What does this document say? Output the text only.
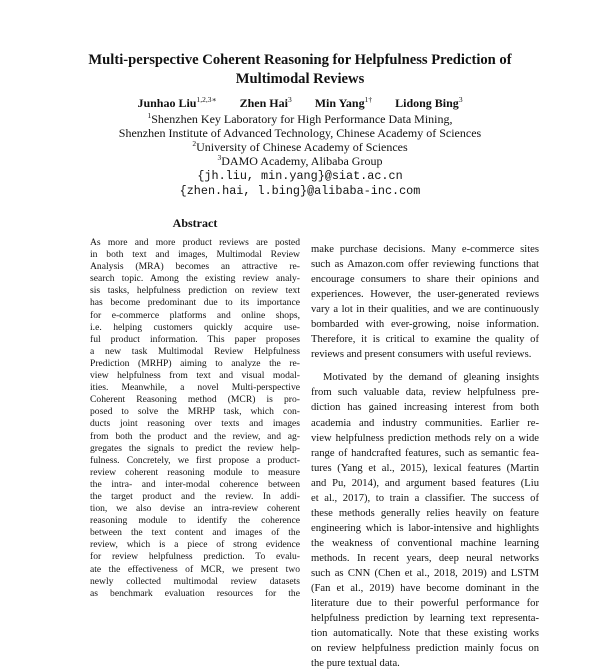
Multi-perspective Coherent Reasoning for Helpfulness Prediction of
Multimodal Reviews
Junhao Liu$^{1,2,3∗}$ Zhen Hai$^3$ Min Yang$^{1\dagger}$ Lidong Bing$^3$
$^1$Shenzhen Key Laboratory for High Performance Data Mining,
Shenzhen Institute of Advanced Technology, Chinese Academy of Sciences
$^2$University of Chinese Academy of Sciences
$^3$DAMO Academy, Alibaba Group
{jh.liu, min.yang}@siat.ac.cn
{zhen.hai, l.bing}@alibaba-inc.com
Abstract
As more and more product reviews are posted
in both text and images, Multimodal Review
Analysis (MRA) becomes an attractive re-
search topic. Among the existing review analy-
sis tasks, helpfulness prediction on review text
has become predominant due to its importance
for e-commerce platforms and online shops,
i.e. helping customers quickly acquire use-
ful product information. This paper proposes
a new task Multimodal Review Helpfulness
Prediction (MRHP) aiming to analyze the re-
view helpfulness from text and visual modal-
ities. Meanwhile, a novel Multi-perspective
Coherent Reasoning method (MCR) is pro-
posed to solve the MRHP task, which con-
ducts joint reasoning over texts and images
from both the product and the review, and ag-
gregates the signals to predict the review help-
fulness. Concretely, we first propose a product-
review coherent reasoning module to measure
the intra- and inter-modal coherence between
the target product and the review. In addi-
tion, we also devise an intra-review coherent
reasoning module to identify the coherence
between the text content and images of the
review, which is a piece of strong evidence
for review helpfulness prediction. To evalu-
ate the effectiveness of MCR, we present two
newly collected multimodal review datasets
as benchmark evaluation resources for the
make purchase decisions. Many e-commerce sites
such as Amazon.com offer reviewing functions that
encourage consumers to share their opinions and
experiences. However, the user-generated reviews
vary a lot in their qualities, and we are continuously
bombarded with ever-growing, noise information.
Therefore, it is critical to examine the quality of
reviews and present consumers with useful reviews.
Motivated by the demand of gleaning insights
from such valuable data, review helpfulness pre-
diction has gained increasing interest from both
academia and industry communities. Earlier re-
view helpfulness prediction methods rely on a wide
range of handcrafted features, such as semantic fea-
tures (Yang et al., 2015), lexical features (Martin
and Pu, 2014), and argument based features (Liu
et al., 2017), to train a classifier. The success of
these methods generally relies heavily on feature
engineering which is labor-intensive and highlights
the weakness of conventional machine learning
methods. In recent years, deep neural networks
such as CNN (Chen et al., 2018, 2019) and LSTM
(Fan et al., 2019) have become dominant in the
literature due to their powerful performance for
helpfulness prediction by learning text representa-
tion automatically. Note that these existing works
on review helpfulness prediction mainly focus on
the pure textual data.
